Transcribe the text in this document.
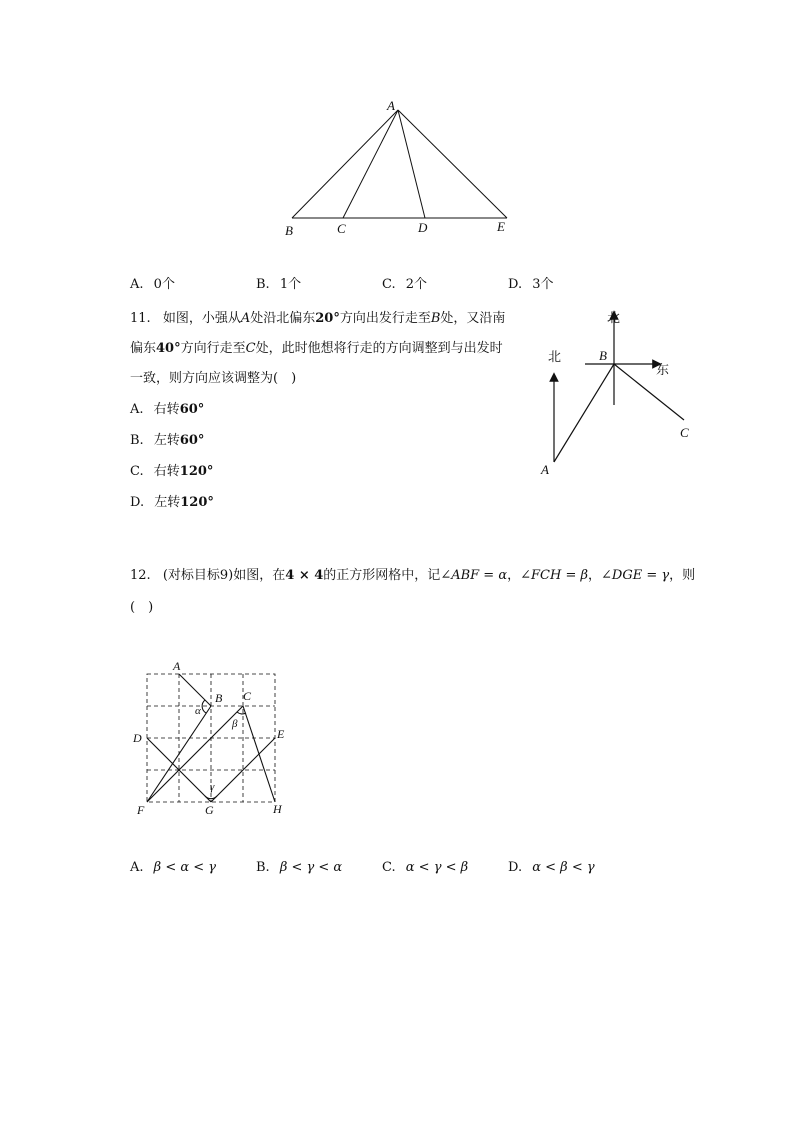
A
B	C	D	E
A. 0个	B. 1个	C. 2个	D. 3个
11. 如图，小强从A处沿北偏东20°方向出发行走至B处，又沿南
偏东40°方向行走至C处，此时他想将行走的方向调整到与出发时
一致，则方向应该调整为(　)
A. 右转60°
B. 左转60°
C. 右转120°
D. 左转120°
北
北
东
A
B
C
12. (对标目标9)如图，在4 × 4的正方形网格中，记∠ABF = α，∠FCH = β，∠DGE = γ，则
(　)
A
B C
D	E
F	G	H
α
β
γ
A. β < α < γ	B. β < γ < α	C. α < γ < β	D. α < β < γ
